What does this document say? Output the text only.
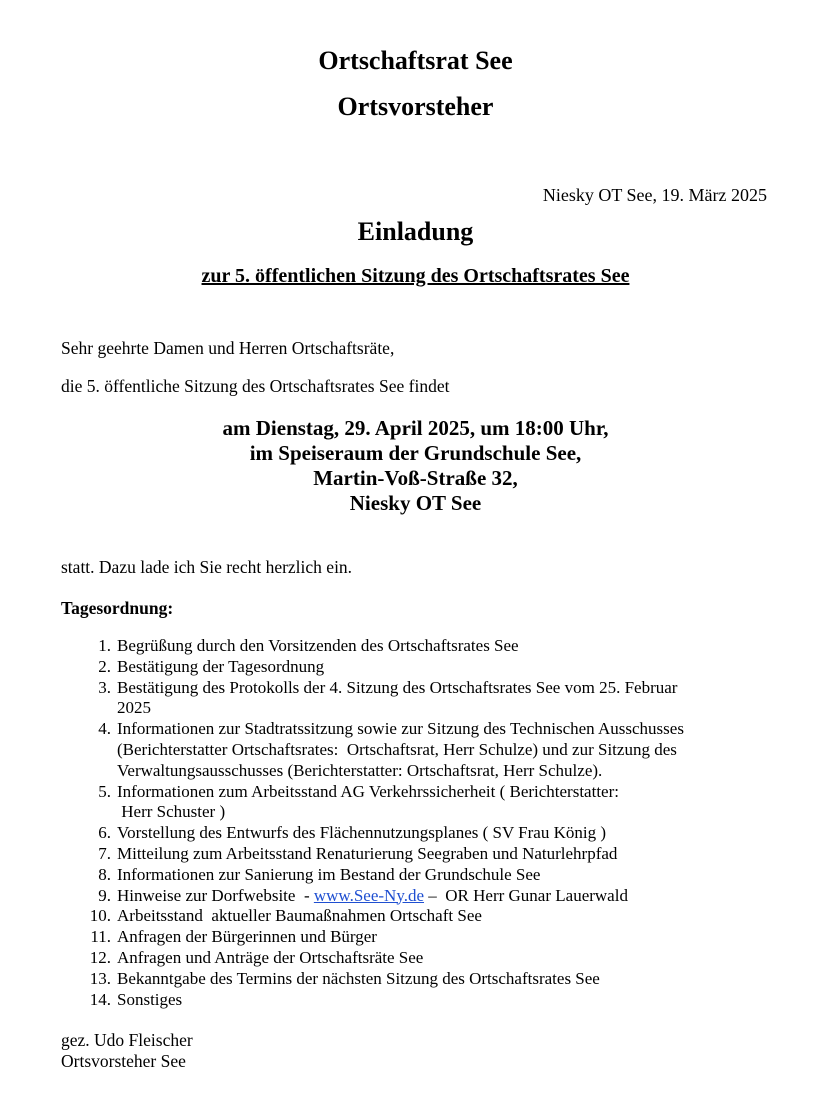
Ortschaftsrat See
Ortsvorsteher
Niesky OT See, 19. März 2025
Einladung
zur 5. öffentlichen Sitzung des Ortschaftsrates See
Sehr geehrte Damen und Herren Ortschaftsräte,
die 5. öffentliche Sitzung des Ortschaftsrates See findet
am Dienstag, 29. April 2025, um 18:00 Uhr,
im Speiseraum der Grundschule See,
Martin-Voß-Straße 32,
Niesky OT See
statt. Dazu lade ich Sie recht herzlich ein.
Tagesordnung:
1. Begrüßung durch den Vorsitzenden des Ortschaftsrates See
2. Bestätigung der Tagesordnung
3. Bestätigung des Protokolls der 4. Sitzung des Ortschaftsrates See vom 25. Februar
2025
4. Informationen zur Stadtratssitzung sowie zur Sitzung des Technischen Ausschusses
(Berichterstatter Ortschaftsrates:  Ortschaftsrat, Herr Schulze) und zur Sitzung des
Verwaltungsausschusses (Berichterstatter: Ortschaftsrat, Herr Schulze).
5. Informationen zum Arbeitsstand AG Verkehrssicherheit ( Berichterstatter:
Herr Schuster )
6. Vorstellung des Entwurfs des Flächennutzungsplanes ( SV Frau König )
7. Mitteilung zum Arbeitsstand Renaturierung Seegraben und Naturlehrpfad
8. Informationen zur Sanierung im Bestand der Grundschule See
9. Hinweise zur Dorfwebsite  - www.See-Ny.de –  OR Herr Gunar Lauerwald
10. Arbeitsstand  aktueller Baumaßnahmen Ortschaft See
11. Anfragen der Bürgerinnen und Bürger
12. Anfragen und Anträge der Ortschaftsräte See
13. Bekanntgabe des Termins der nächsten Sitzung des Ortschaftsrates See
14. Sonstiges
gez. Udo Fleischer
Ortsvorsteher See
